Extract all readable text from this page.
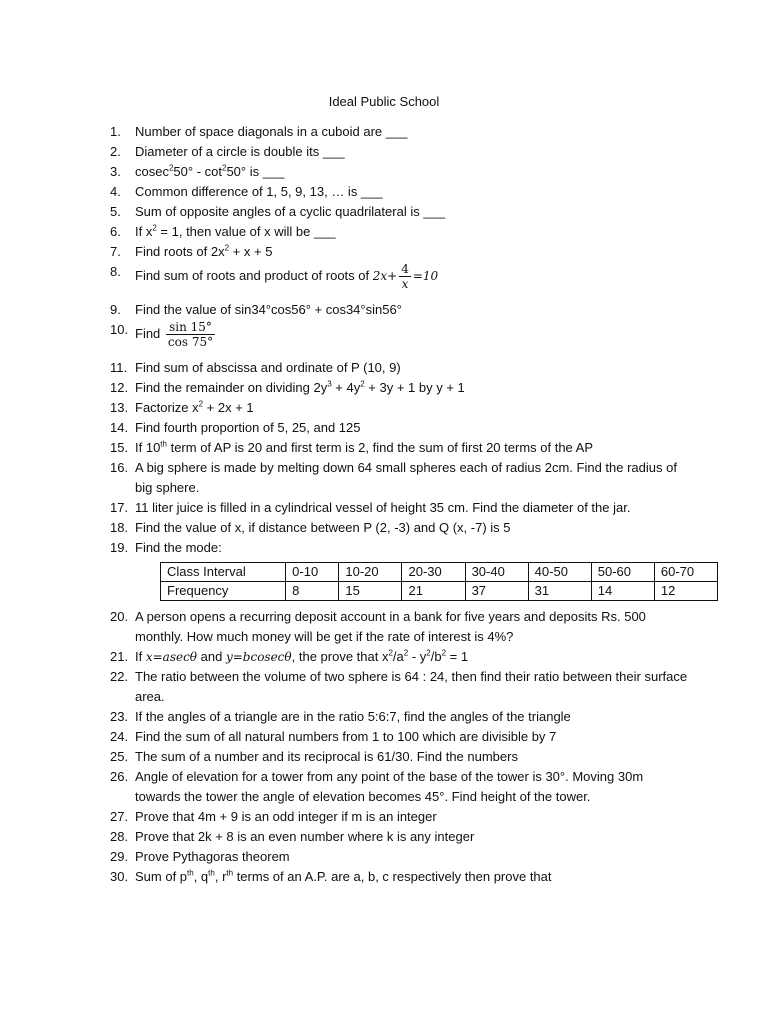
Ideal Public School
1.	Number of space diagonals in a cuboid are ___
2.	Diameter of a circle is double its ___
3.	$cosec^250^\circ - \cot^250^\circ$ is ___
4.	Common difference of 1, 5, 9, 13, … is ___
5.	Sum of opposite angles of a cyclic quadrilateral is ___
6.	If $x^2 = 1$, then value of x will be ___
7.	Find roots of $2x^2 + x + 5$
8.	Find sum of roots and product of roots of $2x+ \frac{4}{x} =10$
9.	Find the value of sin34°cos56° + cos34°sin56°
10. Find $\frac{\sin 15^\circ}{\cos 75^\circ}$
11. Find sum of abscissa and ordinate of P (10, 9)
12. Find the remainder on dividing $2y^3 + 4y^2 + 3y + 1$ by y + 1
13. Factorize $x^2 + 2x + 1$
14. Find fourth proportion of 5, 25, and 125
15. If 10th term of AP is 20 and first term is 2, find the sum of first 20 terms of the AP
16. A big sphere is made by melting down 64 small spheres each of radius 2cm. Find the radius of big sphere.
17. 11 liter juice is filled in a cylindrical vessel of height 35 cm. Find the diameter of the jar.
18. Find the value of x, if distance between P (2, -3) and Q (x, -7) is 5
19. Find the mode:
Class Interval	0-10	10-20	20-30	30-40	40-50	50-60	60-70
Frequency	8	15	21	37	31	14	12
20. A person opens a recurring deposit account in a bank for five years and deposits Rs. 500 monthly. How much money will be get if the rate of interest is 4%?
21. If x=asecθ and y=bcosecθ, the prove that $x^2/a^2 - y^2/b^2 = 1$
22. The ratio between the volume of two sphere is 64 : 24, then find their ratio between their surface area.
23. If the angles of a triangle are in the ratio 5:6:7, find the angles of the triangle
24. Find the sum of all natural numbers from 1 to 100 which are divisible by 7
25. The sum of a number and its reciprocal is 61/30. Find the numbers
26. Angle of elevation for a tower from any point of the base of the tower is 30°. Moving 30m towards the tower the angle of elevation becomes 45°. Find height of the tower.
27. Prove that 4m + 9 is an odd integer if m is an integer
28. Prove that 2k + 8 is an even number where k is any integer
29. Prove Pythagoras theorem
30. Sum of $p^{th}$, $q^{th}$, $r^{th}$ terms of an A.P. are a, b, c respectively then prove that
